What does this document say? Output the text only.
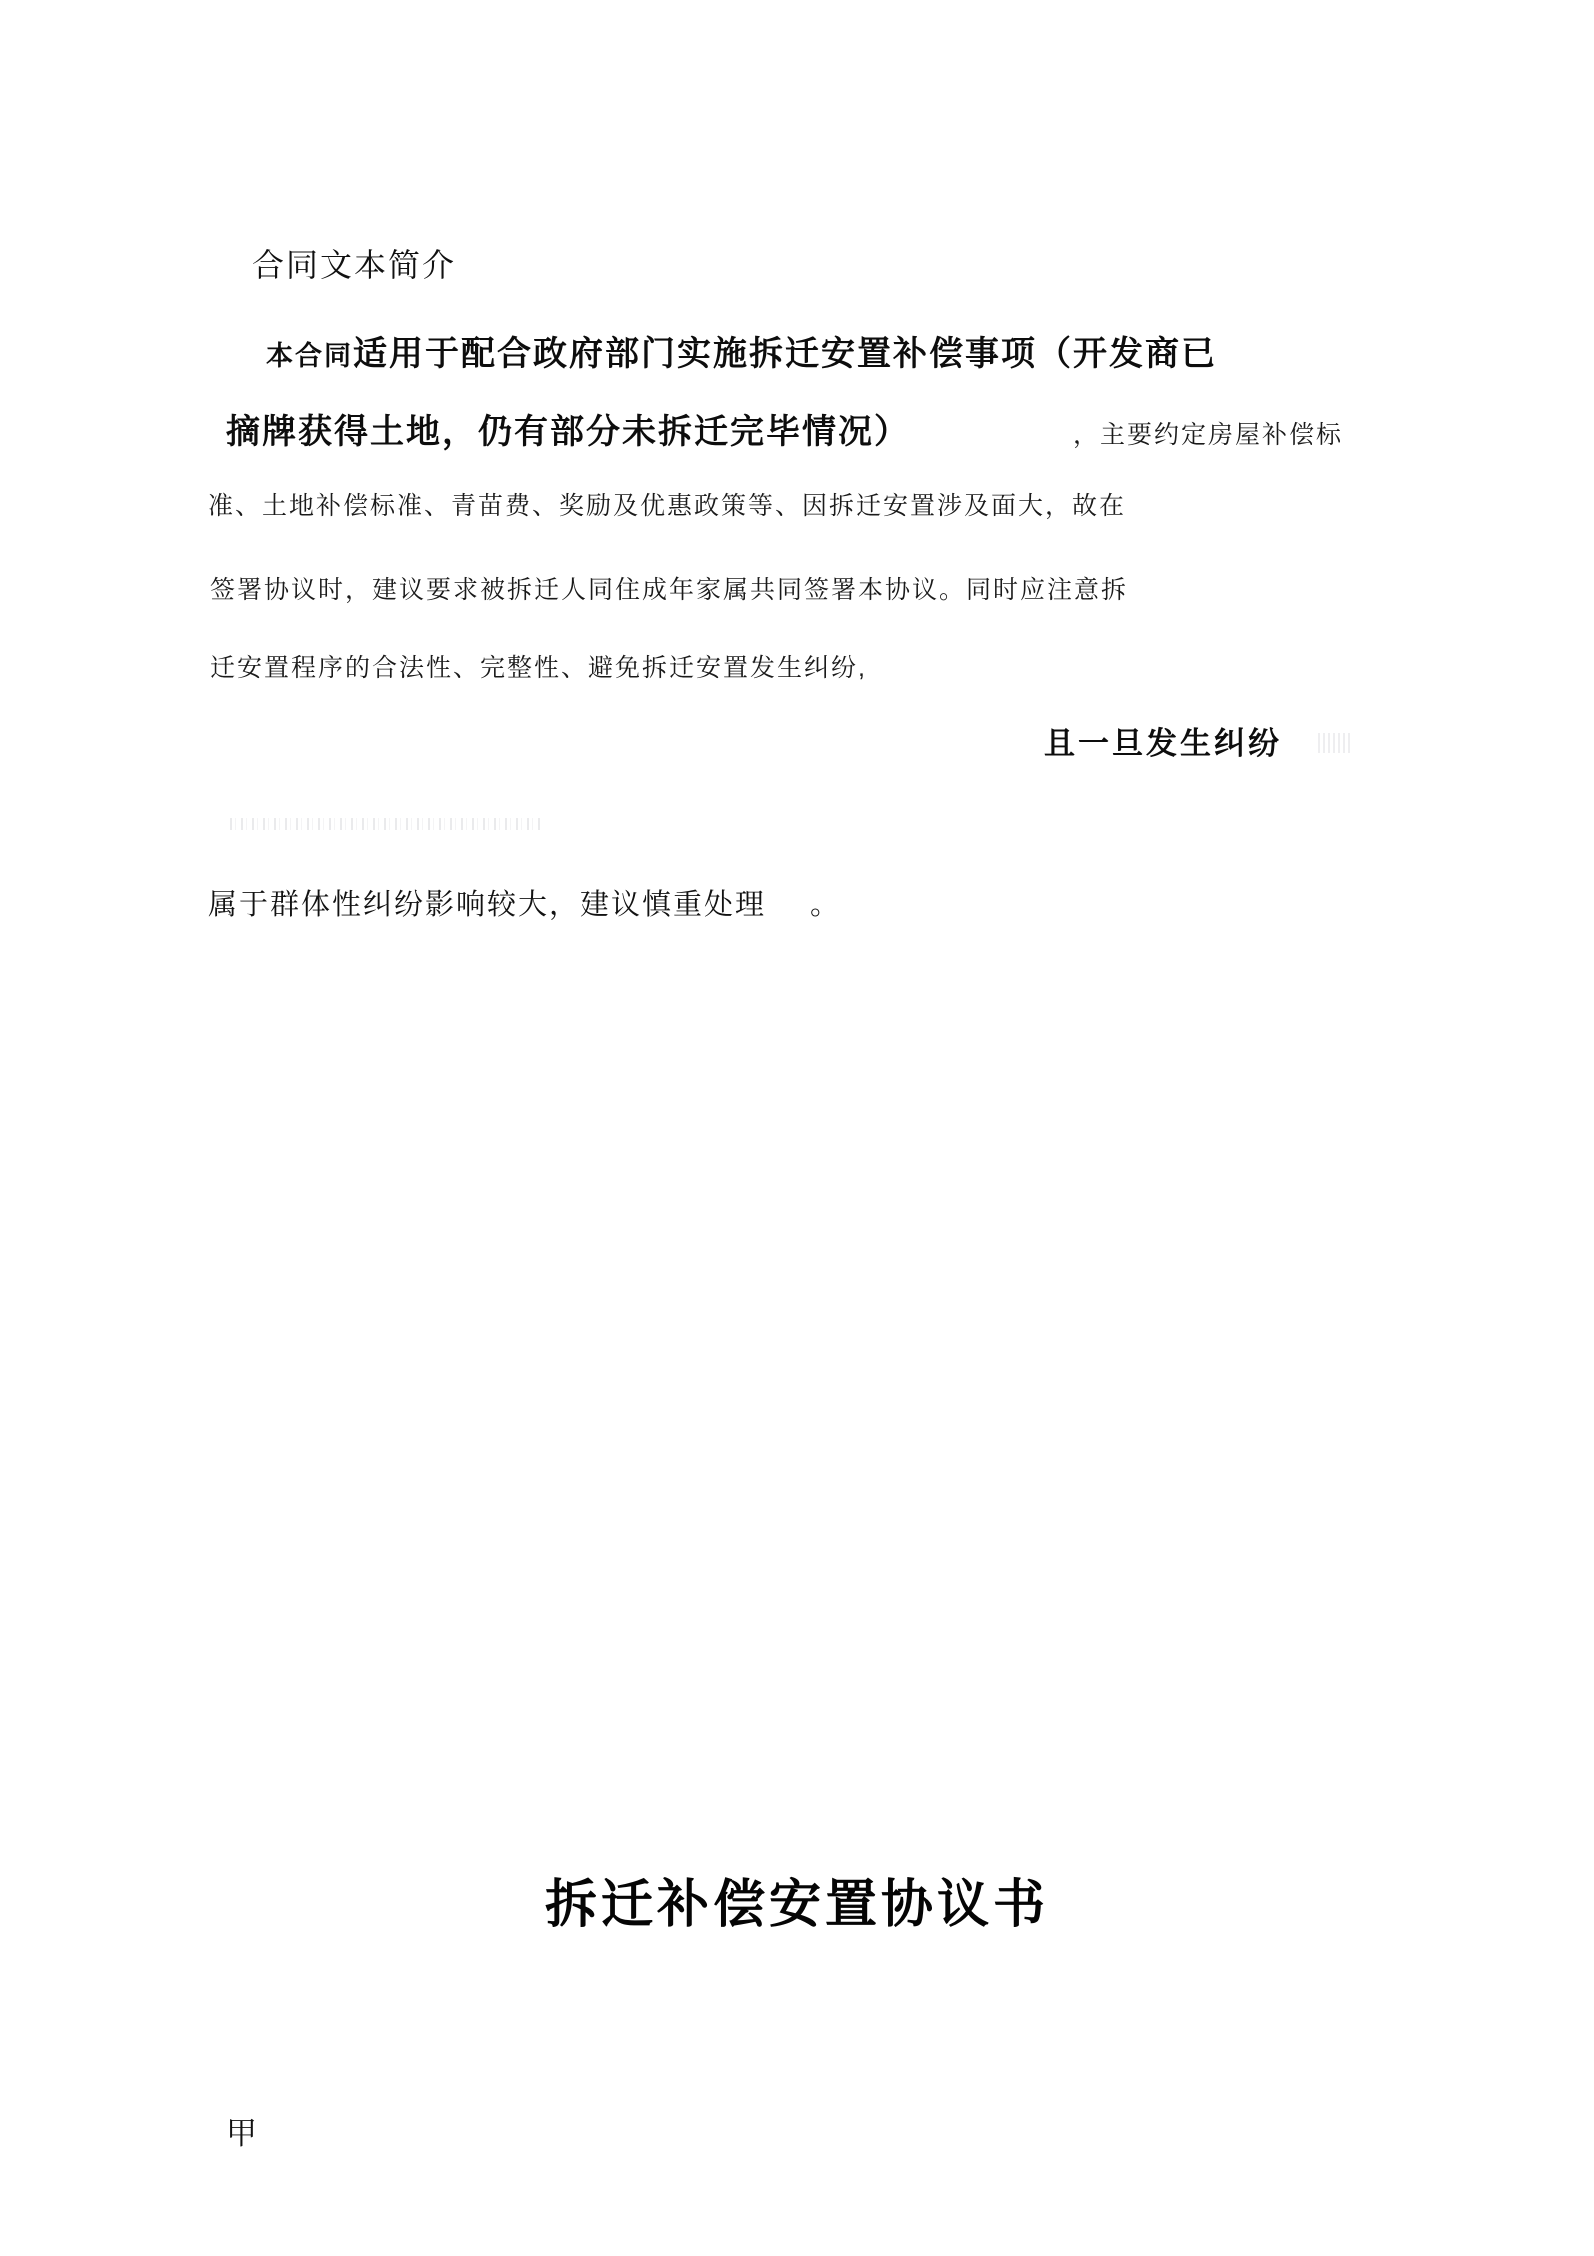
合同文本简介

本合同适用于配合政府部门实施拆迁安置补偿事项（开发商已

摘牌获得土地，仍有部分未拆迁完毕情况）	，主要约定房屋补偿标

准、土地补偿标准、青苗费、奖励及优惠政策等、因拆迁安置涉及面大，故在

签署协议时，建议要求被拆迁人同住成年家属共同签署本协议。同时应注意拆

迁安置程序的合法性、完整性、避免拆迁安置发生纠纷,

且一旦发生纠纷

属于群体性纠纷影响较大，建议慎重处理 。

拆迁补偿安置协议书

甲
